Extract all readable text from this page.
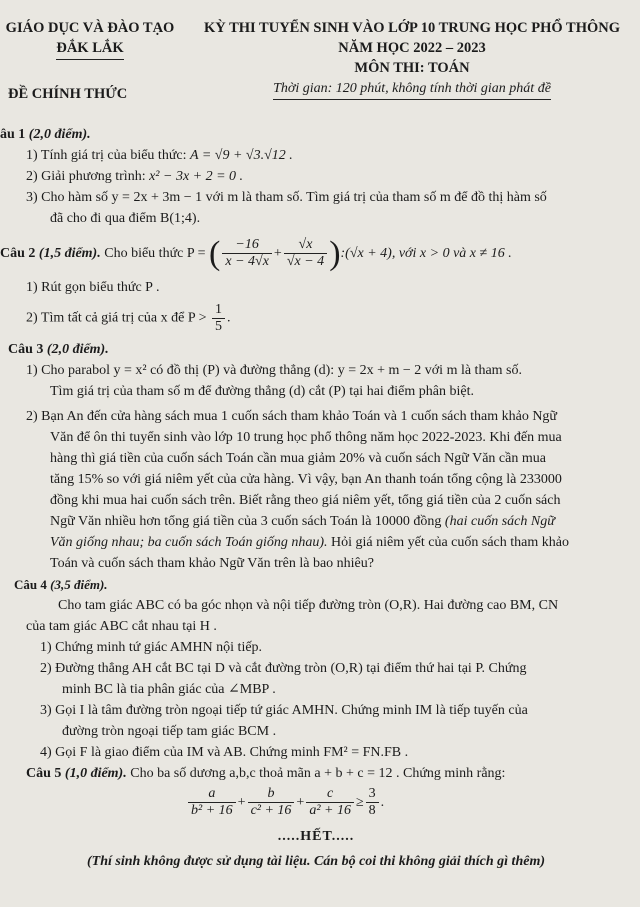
GIÁO DỤC VÀ ĐÀO TẠO
ĐẮK LẮK
KỲ THI TUYỂN SINH VÀO LỚP 10 TRUNG HỌC PHỔ THÔNG
NĂM HỌC 2022 – 2023
MÔN THI: TOÁN
Thời gian: 120 phút, không tính thời gian phát đề
ĐỀ CHÍNH THỨC
âu 1 (2,0 điểm).
1) Tính giá trị của biểu thức: A = √9 + √3.√12 .
2) Giải phương trình: x² − 3x + 2 = 0 .
3) Cho hàm số y = 2x + 3m − 1 với m là tham số. Tìm giá trị của tham số m để đồ thị hàm số
đã cho đi qua điểm B(1;4).
Câu 2 (1,5 điểm). Cho biểu thức P = ( $\frac{-16}{x - 4√x} + \frac{√x}{√x - 4}$ ):(√x + 4), với x > 0 và x ≠ 16 .
1) Rút gọn biểu thức P .
2) Tìm tất cả giá trị của x để $P > \frac{1}{5}$ .
Câu 3 (2,0 điểm).
1) Cho parabol y = x² có đồ thị (P) và đường thẳng (d): y = 2x + m − 2 với m là tham số.
Tìm giá trị của tham số m để đường thẳng (d) cắt (P) tại hai điểm phân biệt.
2) Bạn An đến cửa hàng sách mua 1 cuốn sách tham khảo Toán và 1 cuốn sách tham khảo Ngữ
Văn để ôn thi tuyển sinh vào lớp 10 trung học phổ thông năm học 2022-2023. Khi đến mua
hàng thì giá tiền của cuốn sách Toán cần mua giảm 20% và cuốn sách Ngữ Văn cần mua
tăng 15% so với giá niêm yết của cửa hàng. Vì vậy, bạn An thanh toán tổng cộng là 233000
đồng khi mua hai cuốn sách trên. Biết rằng theo giá niêm yết, tổng giá tiền của 2 cuốn sách
Ngữ Văn nhiều hơn tổng giá tiền của 3 cuốn sách Toán là 10000 đồng (hai cuốn sách Ngữ
Văn giống nhau; ba cuốn sách Toán giống nhau). Hỏi giá niêm yết của cuốn sách tham khảo
Toán và cuốn sách tham khảo Ngữ Văn trên là bao nhiêu?
Câu 4 (3,5 điểm).
Cho tam giác ABC có ba góc nhọn và nội tiếp đường tròn (O,R). Hai đường cao BM, CN
của tam giác ABC cắt nhau tại H .
1) Chứng minh tứ giác AMHN nội tiếp.
2) Đường thẳng AH cắt BC tại D và cắt đường tròn (O,R) tại điểm thứ hai tại P. Chứng
minh BC là tia phân giác của ∠MBP .
3) Gọi I là tâm đường tròn ngoại tiếp tứ giác AMHN. Chứng minh IM là tiếp tuyến của
đường tròn ngoại tiếp tam giác BCM .
4) Gọi F là giao điểm của IM và AB. Chứng minh FM² = FN.FB .
Câu 5 (1,0 điểm). Cho ba số dương a,b,c thoả mãn a + b + c = 12 . Chứng minh rằng:
$\frac{a}{\text{b² + 16}} + \frac{b}{\text{c² + 16}} + \frac{c}{\text{a² + 16}} \ge \frac{3}{8}$ .
.....HẾT.....
(Thí sinh không được sử dụng tài liệu. Cán bộ coi thi không giải thích gì thêm)
